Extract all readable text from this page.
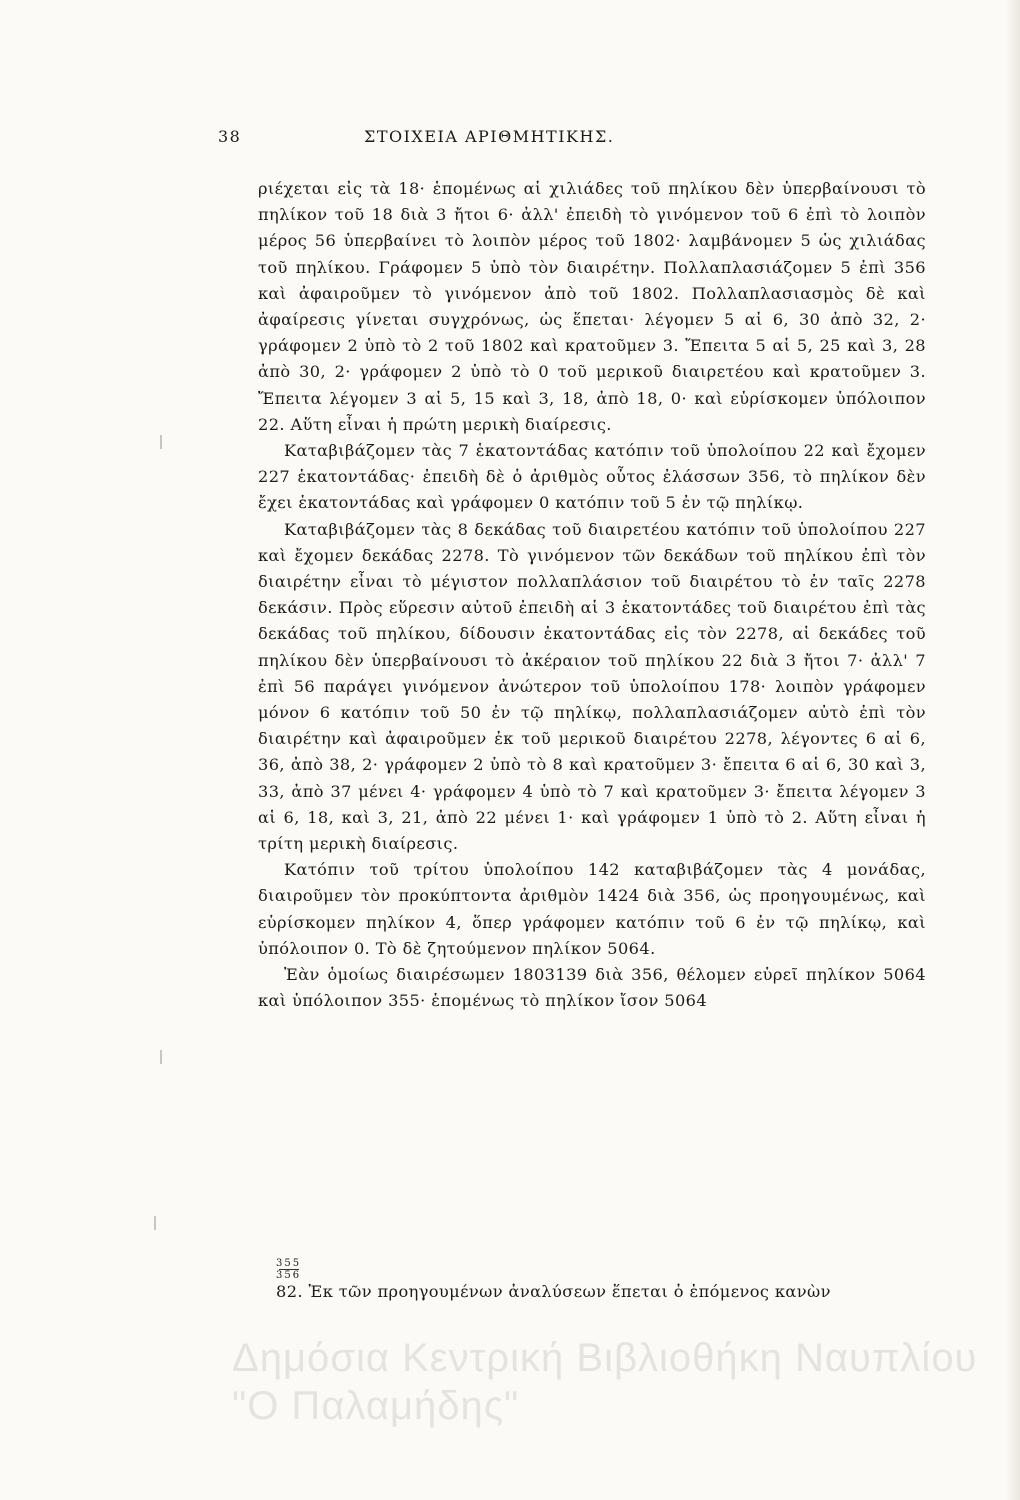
38	ΣΤΟΙΧΕΙΑ ΑΡΙΘΜΗΤΙΚΗΣ.

ριέχεται εἰς τὰ 18· ἑπομένως αἱ χιλιάδες τοῦ πηλίκου δὲν ὑπερβαίνουσι τὸ πηλίκον τοῦ 18 διὰ 3 ἤτοι 6· ἀλλ' ἐπειδὴ τὸ γινόμενον τοῦ 6 ἐπὶ τὸ λοιπὸν μέρος 56 ὑπερβαίνει τὸ λοιπὸν μέρος τοῦ 1802· λαμβάνομεν 5 ὡς χιλιάδας τοῦ πηλίκου. Γράφομεν 5 ὑπὸ τὸν διαιρέτην. Πολλαπλασιάζομεν 5 ἐπὶ 356 καὶ ἀφαιροῦμεν τὸ γινόμενον ἀπὸ τοῦ 1802. Πολλαπλασιασμὸς δὲ καὶ ἀφαίρεσις γίνεται συγχρόνως, ὡς ἕπεται· λέγομεν 5 αἱ 6, 30 ἀπὸ 32, 2· γράφομεν 2 ὑπὸ τὸ 2 τοῦ 1802 καὶ κρατοῦμεν 3. Ἔπειτα 5 αἱ 5, 25 καὶ 3, 28 ἀπὸ 30, 2· γράφομεν 2 ὑπὸ τὸ 0 τοῦ μερικοῦ διαιρετέου καὶ κρατοῦμεν 3. Ἔπειτα λέγομεν 3 αἱ 5, 15 καὶ 3, 18, ἀπὸ 18, 0· καὶ εὑρίσκομεν ὑπόλοιπον 22. Αὕτη εἶναι ἡ πρώτη μερικὴ διαίρεσις.

Καταβιβάζομεν τὰς 7 ἑκατοντάδας κατόπιν τοῦ ὑπολοίπου 22 καὶ ἔχομεν 227 ἑκατοντάδας· ἐπειδὴ δὲ ὁ ἀριθμὸς οὗτος ἐλάσσων 356, τὸ πηλίκον δὲν ἔχει ἑκατοντάδας καὶ γράφομεν 0 κατόπιν τοῦ 5 ἐν τῷ πηλίκῳ.

Καταβιβάζομεν τὰς 8 δεκάδας τοῦ διαιρετέου κατόπιν τοῦ ὑπολοίπου 227 καὶ ἔχομεν δεκάδας 2278. Τὸ γινόμενον τῶν δεκάδων τοῦ πηλίκου ἐπὶ τὸν διαιρέτην εἶναι τὸ μέγιστον πολλαπλάσιον τοῦ διαιρέτου τὸ ἐν ταῖς 2278 δεκάσιν. Πρὸς εὕρεσιν αὐτοῦ ἐπειδὴ αἱ 3 ἑκατοντάδες τοῦ διαιρέτου ἐπὶ τὰς δεκάδας τοῦ πηλίκου, δίδουσιν ἑκατοντάδας εἰς τὸν 2278, αἱ δεκάδες τοῦ πηλίκου δὲν ὑπερβαίνουσι τὸ ἀκέραιον τοῦ πηλίκου 22 διὰ 3 ἤτοι 7· ἀλλ' 7 ἐπὶ 56 παράγει γινόμενον ἀνώτερον τοῦ ὑπολοίπου 178· λοιπὸν γράφομεν μόνον 6 κατόπιν τοῦ 50 ἐν τῷ πηλίκῳ, πολλαπλασιάζομεν αὐτὸ ἐπὶ τὸν διαιρέτην καὶ ἀφαιροῦμεν ἐκ τοῦ μερικοῦ διαιρέτου 2278, λέγοντες 6 αἱ 6, 36, ἀπὸ 38, 2· γράφομεν 2 ὑπὸ τὸ 8 καὶ κρατοῦμεν 3· ἔπειτα 6 αἱ 6, 30 καὶ 3, 33, ἀπὸ 37 μένει 4· γράφομεν 4 ὑπὸ τὸ 7 καὶ κρατοῦμεν 3· ἔπειτα λέγομεν 3 αἱ 6, 18, καὶ 3, 21, ἀπὸ 22 μένει 1· καὶ γράφομεν 1 ὑπὸ τὸ 2. Αὕτη εἶναι ἡ τρίτη μερικὴ διαίρεσις.

Κατόπιν τοῦ τρίτου ὑπολοίπου 142 καταβιβάζομεν τὰς 4 μονάδας, διαιροῦμεν τὸν προκύπτοντα ἀριθμὸν 1424 διὰ 356, ὡς προηγουμένως, καὶ εὑρίσκομεν πηλίκον 4, ὅπερ γράφομεν κατόπιν τοῦ 6 ἐν τῷ πηλίκῳ, καὶ ὑπόλοιπον 0. Τὸ δὲ ζητούμενον πηλίκον 5064.

Ἐὰν ὁμοίως διαιρέσωμεν 1803139 διὰ 356, θέλομεν εὑρεῖ πηλίκον 5064 καὶ ὑπόλοιπον 355· ἑπομένως τὸ πηλίκον ἴσον 5064

355
356
82. Ἐκ τῶν προηγουμένων ἀναλύσεων ἕπεται ὁ ἑπόμενος κανὼν
Δημόσια Κεντρική Βιβλιοθήκη Ναυπλίου
"Ο Παλαμήδης"
